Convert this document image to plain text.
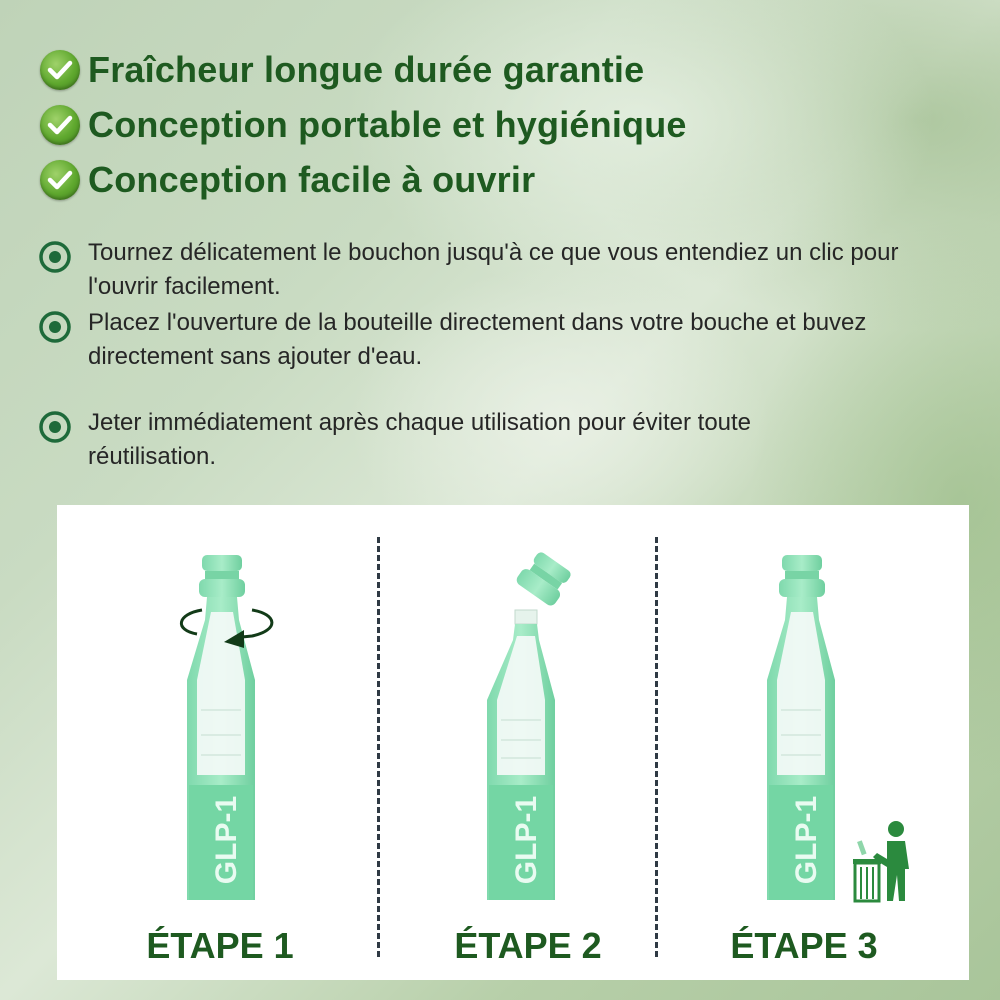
Fraîcheur longue durée garantie
Conception portable et hygiénique
Conception facile à ouvrir
Tournez délicatement le bouchon jusqu'à ce que vous entendiez un clic pour l'ouvrir facilement.
Placez l'ouverture de la bouteille directement dans votre bouche et buvez directement sans ajouter d'eau.
Jeter immédiatement après chaque utilisation pour éviter toute réutilisation.
GLP-1	GLP-1	GLP-1
ÉTAPE 1	ÉTAPE 2	ÉTAPE 3
